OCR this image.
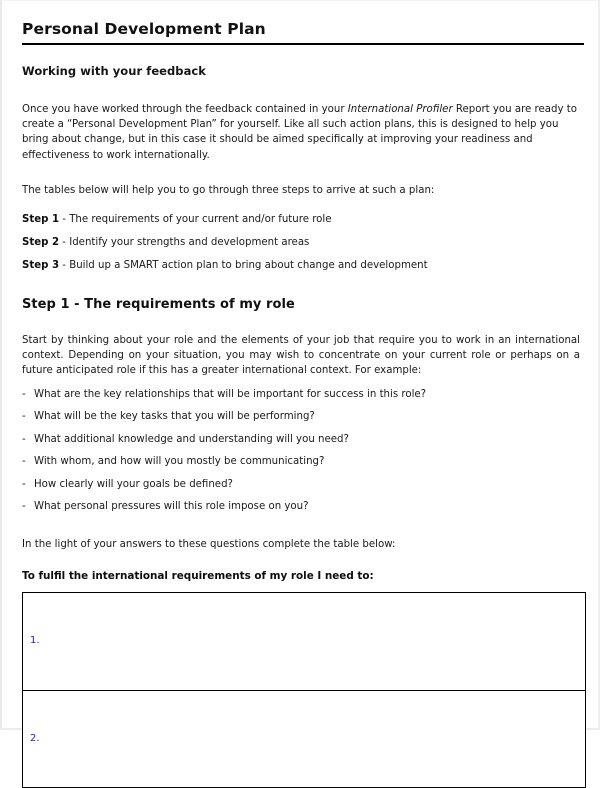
Personal Development Plan
Working with your feedback

Once you have worked through the feedback contained in your International Profiler Report you are ready to create a “Personal Development Plan” for yourself. Like all such action plans, this is designed to help you bring about change, but in this case it should be aimed specifically at improving your readiness and effectiveness to work internationally.

The tables below will help you to go through three steps to arrive at such a plan:

Step 1 - The requirements of your current and/or future role
Step 2 - Identify your strengths and development areas
Step 3 - Build up a SMART action plan to bring about change and development
Step 1 - The requirements of my role

Start by thinking about your role and the elements of your job that require you to work in an international context. Depending on your situation, you may wish to concentrate on your current role or perhaps on a future anticipated role if this has a greater international context. For example:

- What are the key relationships that will be important for success in this role?
- What will be the key tasks that you will be performing?
- What additional knowledge and understanding will you need?
- With whom, and how will you mostly be communicating?
- How clearly will your goals be defined?
- What personal pressures will this role impose on you?

In the light of your answers to these questions complete the table below:

To fulfil the international requirements of my role I need to:
1.
2.
